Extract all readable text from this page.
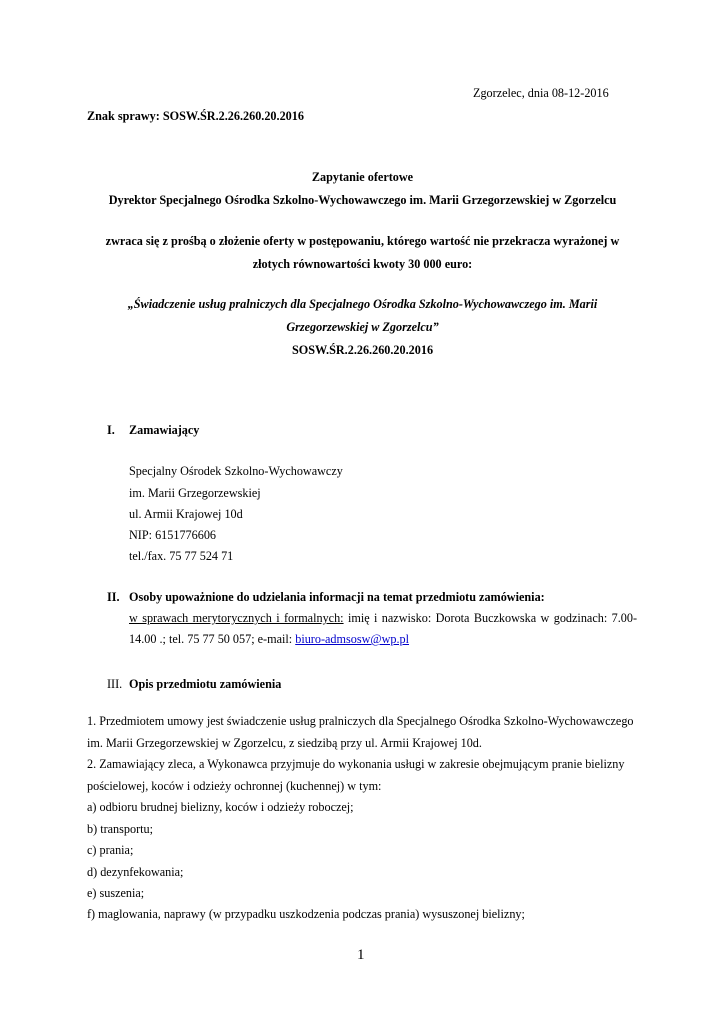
Zgorzelec, dnia 08-12-2016
Znak sprawy: SOSW.ŚR.2.26.260.20.2016
Zapytanie ofertowe
Dyrektor Specjalnego Ośrodka Szkolno-Wychowawczego im. Marii Grzegorzewskiej w Zgorzelcu
zwraca się z prośbą o złożenie oferty w postępowaniu, którego wartość nie przekracza wyrażonej w
złotych równowartości kwoty 30 000 euro:
„Świadczenie usług pralniczych dla Specjalnego Ośrodka Szkolno-Wychowawczego im. Marii
Grzegorzewskiej w Zgorzelcu”
SOSW.ŚR.2.26.260.20.2016
I. Zamawiający
Specjalny Ośrodek Szkolno-Wychowawczy
im. Marii Grzegorzewskiej
ul. Armii Krajowej 10d
NIP: 6151776606
tel./fax. 75 77 524 71
II. Osoby upoważnione do udzielania informacji na temat przedmiotu zamówienia:
w sprawach merytorycznych i formalnych: imię i nazwisko: Dorota Buczkowska w godzinach: 7.00-
14.00 .; tel. 75 77 50 057; e-mail: biuro-admsosw@wp.pl
III. Opis przedmiotu zamówienia
1. Przedmiotem umowy jest świadczenie usług pralniczych dla Specjalnego Ośrodka Szkolno-Wychowawczego
im. Marii Grzegorzewskiej w Zgorzelcu, z siedzibą przy ul. Armii Krajowej 10d.
2. Zamawiający zleca, a Wykonawca przyjmuje do wykonania usługi w zakresie obejmującym pranie bielizny
pościelowej, koców i odzieży ochronnej (kuchennej) w tym:
a) odbioru brudnej bielizny, koców i odzieży roboczej;
b) transportu;
c) prania;
d) dezynfekowania;
e) suszenia;
f) maglowania, naprawy (w przypadku uszkodzenia podczas prania) wysuszonej bielizny;
1
